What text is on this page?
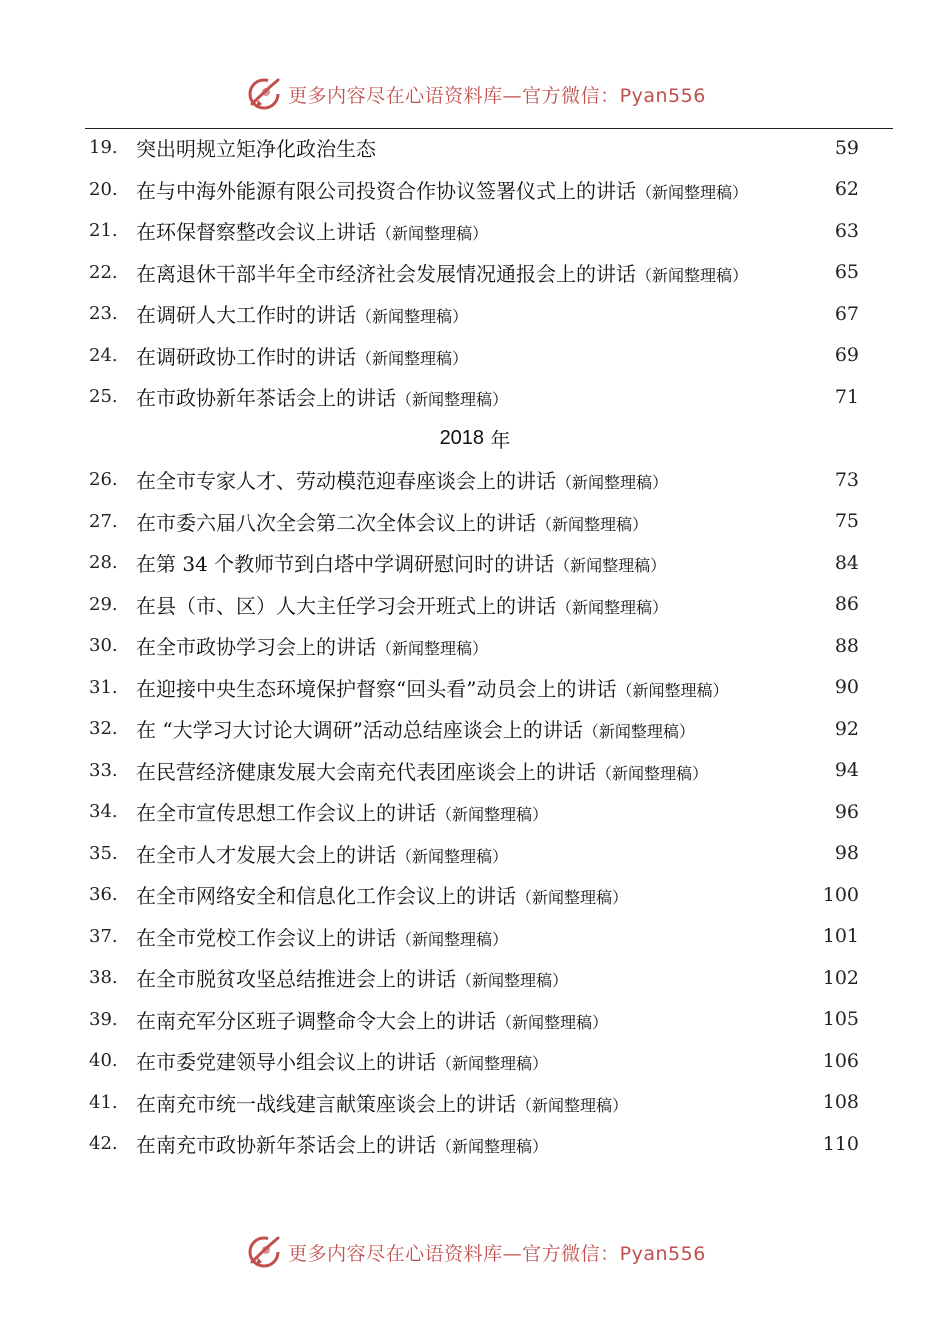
更多内容尽在心语资料库—官方微信：Pyan556
19. 突出明规立矩净化政治生态	59
20. 在与中海外能源有限公司投资合作协议签署仪式上的讲话（新闻整理稿）	62
21. 在环保督察整改会议上讲话（新闻整理稿）	63
22. 在离退休干部半年全市经济社会发展情况通报会上的讲话（新闻整理稿）	65
23. 在调研人大工作时的讲话（新闻整理稿）	67
24. 在调研政协工作时的讲话（新闻整理稿）	69
25. 在市政协新年茶话会上的讲话（新闻整理稿）	71
2018
年
26. 在全市专家人才、劳动模范迎春座谈会上的讲话（新闻整理稿）	73
27. 在市委六届八次全会第二次全体会议上的讲话（新闻整理稿）	75
28. 在第 34 个教师节到白塔中学调研慰问时的讲话（新闻整理稿）	84
29. 在县（市、区）人大主任学习会开班式上的讲话（新闻整理稿）	86
30. 在全市政协学习会上的讲话（新闻整理稿）	88
31. 在迎接中央生态环境保护督察“回头看”动员会上的讲话（新闻整理稿）	90
32. 在 “大学习大讨论大调研”活动总结座谈会上的讲话（新闻整理稿）	92
33. 在民营经济健康发展大会南充代表团座谈会上的讲话（新闻整理稿）	94
34. 在全市宣传思想工作会议上的讲话（新闻整理稿）	96
35. 在全市人才发展大会上的讲话（新闻整理稿）	98
36. 在全市网络安全和信息化工作会议上的讲话（新闻整理稿）	100
37. 在全市党校工作会议上的讲话（新闻整理稿）	101
38. 在全市脱贫攻坚总结推进会上的讲话（新闻整理稿）	102
39. 在南充军分区班子调整命令大会上的讲话（新闻整理稿）	105
40. 在市委党建领导小组会议上的讲话（新闻整理稿）	106
41. 在南充市统一战线建言献策座谈会上的讲话（新闻整理稿）	108
42. 在南充市政协新年茶话会上的讲话（新闻整理稿）	110
更多内容尽在心语资料库—官方微信：Pyan556
